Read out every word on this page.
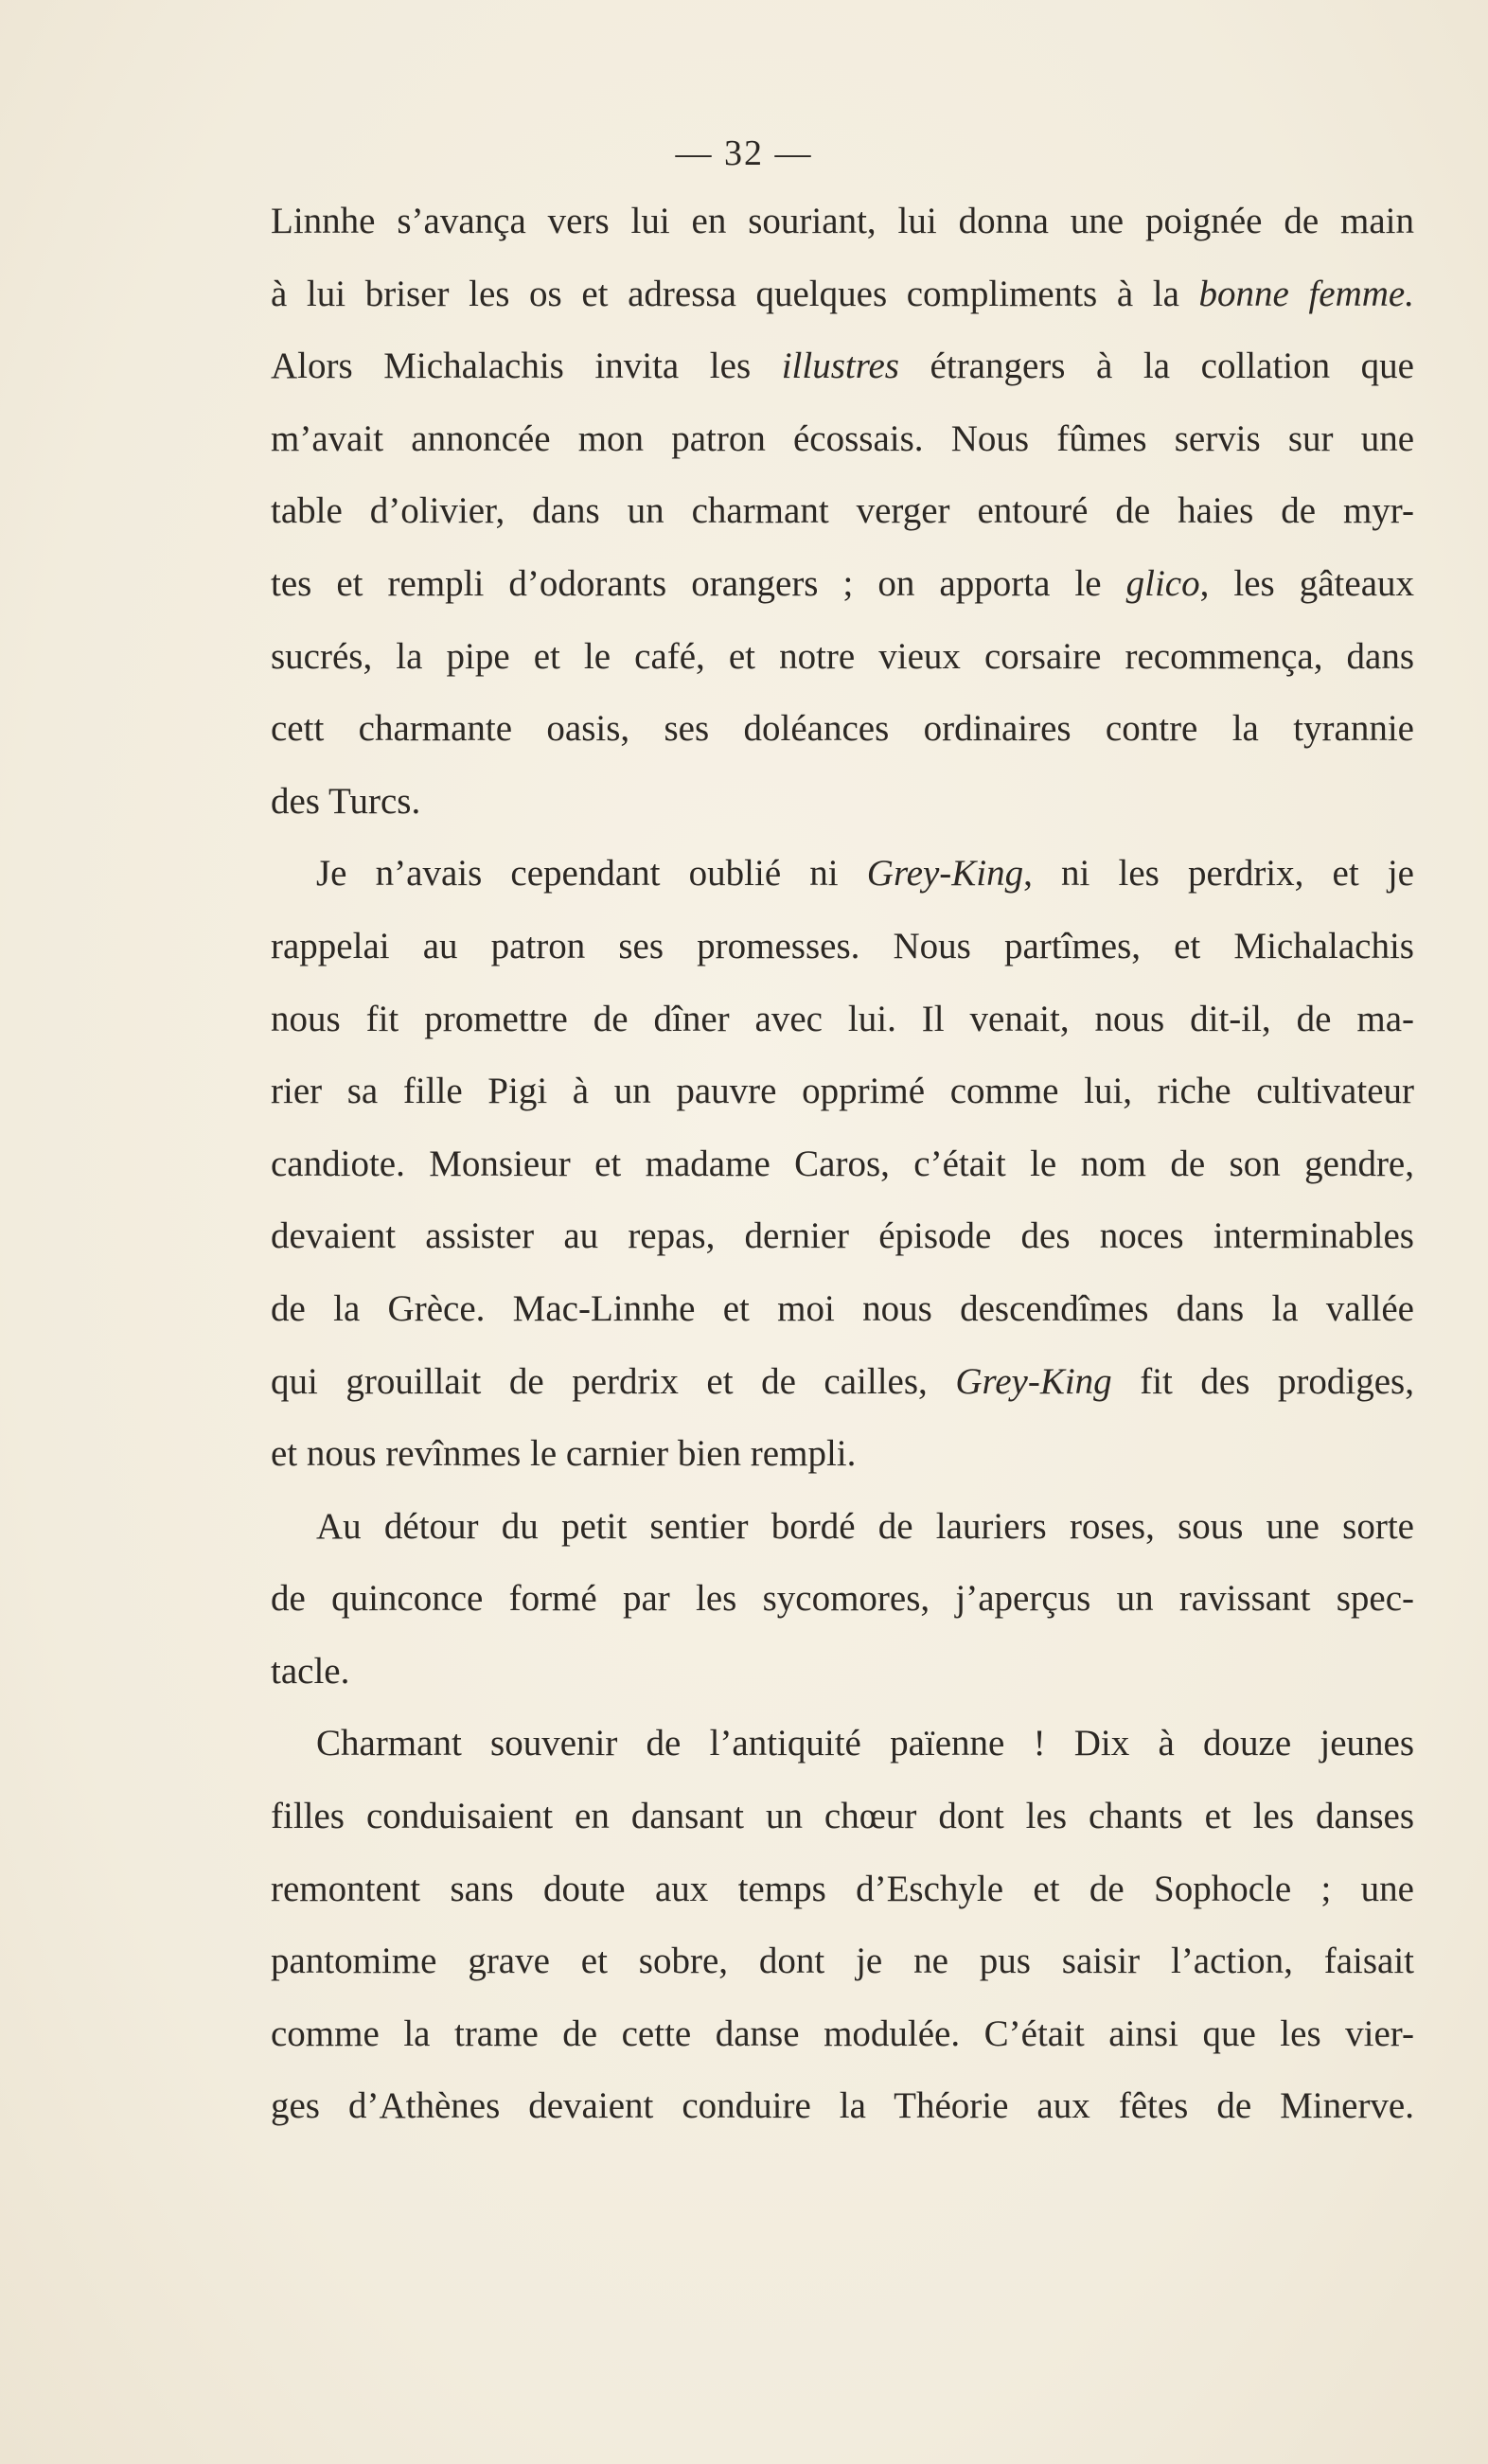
— 32 —
Linnhe s’avança vers lui en souriant, lui donna une poignée de main
à lui briser les os et adressa quelques compliments à la bonne femme.
Alors Michalachis invita les illustres étrangers à la collation que
m’avait annoncée mon patron écossais. Nous fûmes servis sur une
table d’olivier, dans un charmant verger entouré de haies de myr-
tes et rempli d’odorants orangers ; on apporta le glico, les gâteaux
sucrés, la pipe et le café, et notre vieux corsaire recommença, dans
cett charmante oasis, ses doléances ordinaires contre la tyrannie
des Turcs.
Je n’avais cependant oublié ni Grey-King, ni les perdrix, et je
rappelai au patron ses promesses. Nous partîmes, et Michalachis
nous fit promettre de dîner avec lui. Il venait, nous dit-il, de ma-
rier sa fille Pigi à un pauvre opprimé comme lui, riche cultivateur
candiote. Monsieur et madame Caros, c’était le nom de son gendre,
devaient assister au repas, dernier épisode des noces interminables
de la Grèce. Mac-Linnhe et moi nous descendîmes dans la vallée
qui grouillait de perdrix et de cailles, Grey-King fit des prodiges,
et nous revînmes le carnier bien rempli.
Au détour du petit sentier bordé de lauriers roses, sous une sorte
de quinconce formé par les sycomores, j’aperçus un ravissant spec-
tacle.
Charmant souvenir de l’antiquité païenne ! Dix à douze jeunes
filles conduisaient en dansant un chœur dont les chants et les danses
remontent sans doute aux temps d’Eschyle et de Sophocle ; une
pantomime grave et sobre, dont je ne pus saisir l’action, faisait
comme la trame de cette danse modulée. C’était ainsi que les vier-
ges d’Athènes devaient conduire la Théorie aux fêtes de Minerve.
